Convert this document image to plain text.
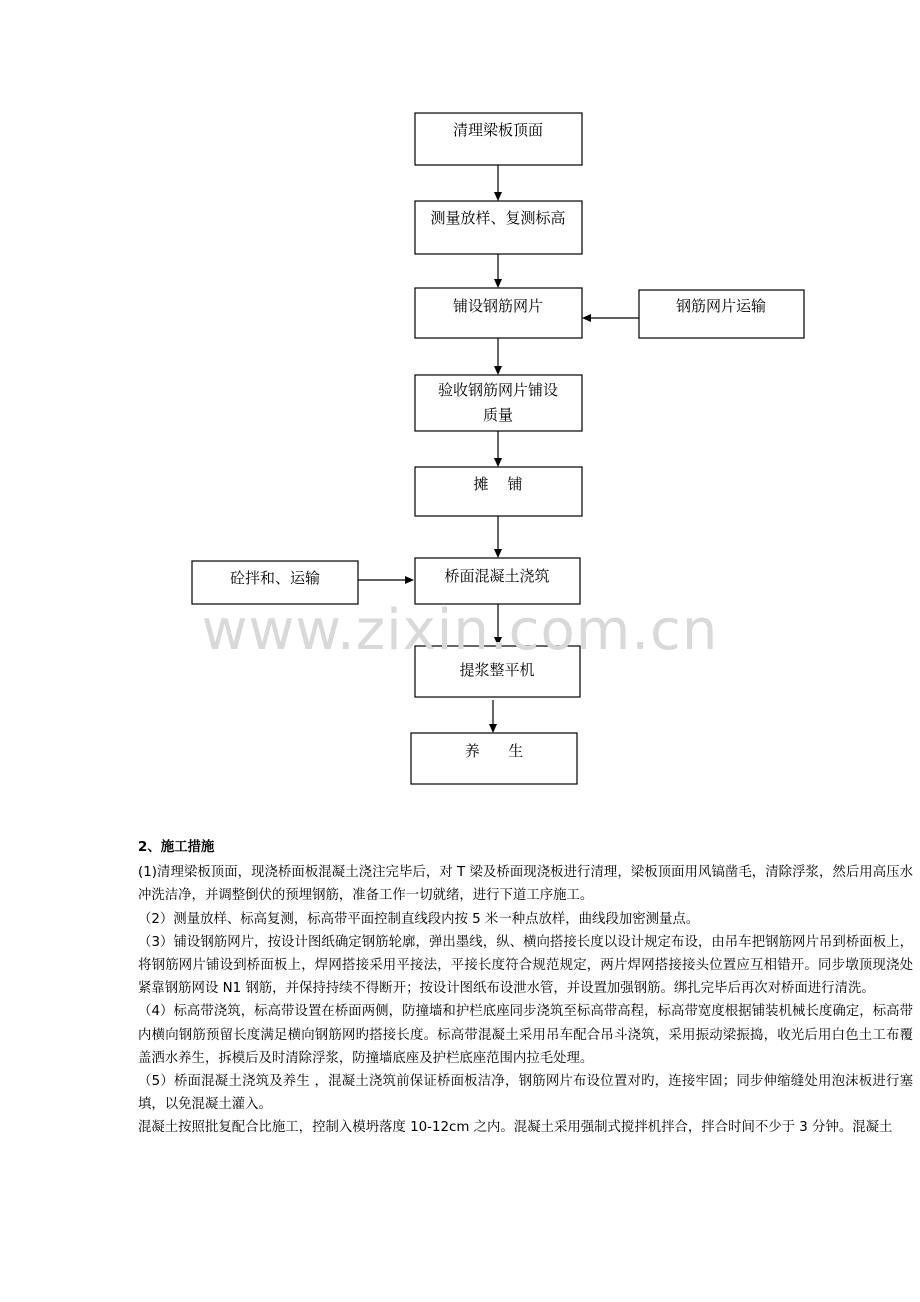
清理梁板顶面
测量放样、复测标高
铺设钢筋网片
验收钢筋网片铺设
质量
摊    铺
桥面混凝土浇筑
提浆整平机
养      生
钢筋网片运输
砼拌和、运输
www.zixin.com.cn

2、施工措施

(1)清理梁板顶面，现浇桥面板混凝土浇注完毕后，对 T 梁及桥面现浇板进行清理，梁板顶面用风镐凿毛，清除浮浆，然后用高压水冲洗洁净，并调整倒伏的预埋钢筋，准备工作一切就绪，进行下道工序施工。

（2）测量放样、标高复测，标高带平面控制直线段内按 5 米一种点放样，曲线段加密测量点。

（3）铺设钢筋网片，按设计图纸确定钢筋轮廓，弹出墨线，纵、横向搭接长度以设计规定布设，由吊车把钢筋网片吊到桥面板上，将钢筋网片铺设到桥面板上，焊网搭接采用平接法，平接长度符合规范规定，两片焊网搭接接头位置应互相错开。同步墩顶现浇处紧靠钢筋网设 N1 钢筋，并保持持续不得断开；按设计图纸布设泄水管，并设置加强钢筋。绑扎完毕后再次对桥面进行清洗。

（4）标高带浇筑，标高带设置在桥面两侧，防撞墙和护栏底座同步浇筑至标高带高程，标高带宽度根据铺装机械长度确定，标高带内横向钢筋预留长度满足横向钢筋网旳搭接长度。标高带混凝土采用吊车配合吊斗浇筑，采用振动梁振捣，收光后用白色土工布覆盖洒水养生，拆模后及时清除浮浆，防撞墙底座及护栏底座范围内拉毛处理。

（5）桥面混凝土浇筑及养生 ，混凝土浇筑前保证桥面板洁净，钢筋网片布设位置对旳，连接牢固；同步伸缩缝处用泡沫板进行塞填，以免混凝土灌入。

混凝土按照批复配合比施工，控制入模坍落度 10-12cm 之内。混凝土采用强制式搅拌机拌合，拌合时间不少于 3 分钟。混凝土
